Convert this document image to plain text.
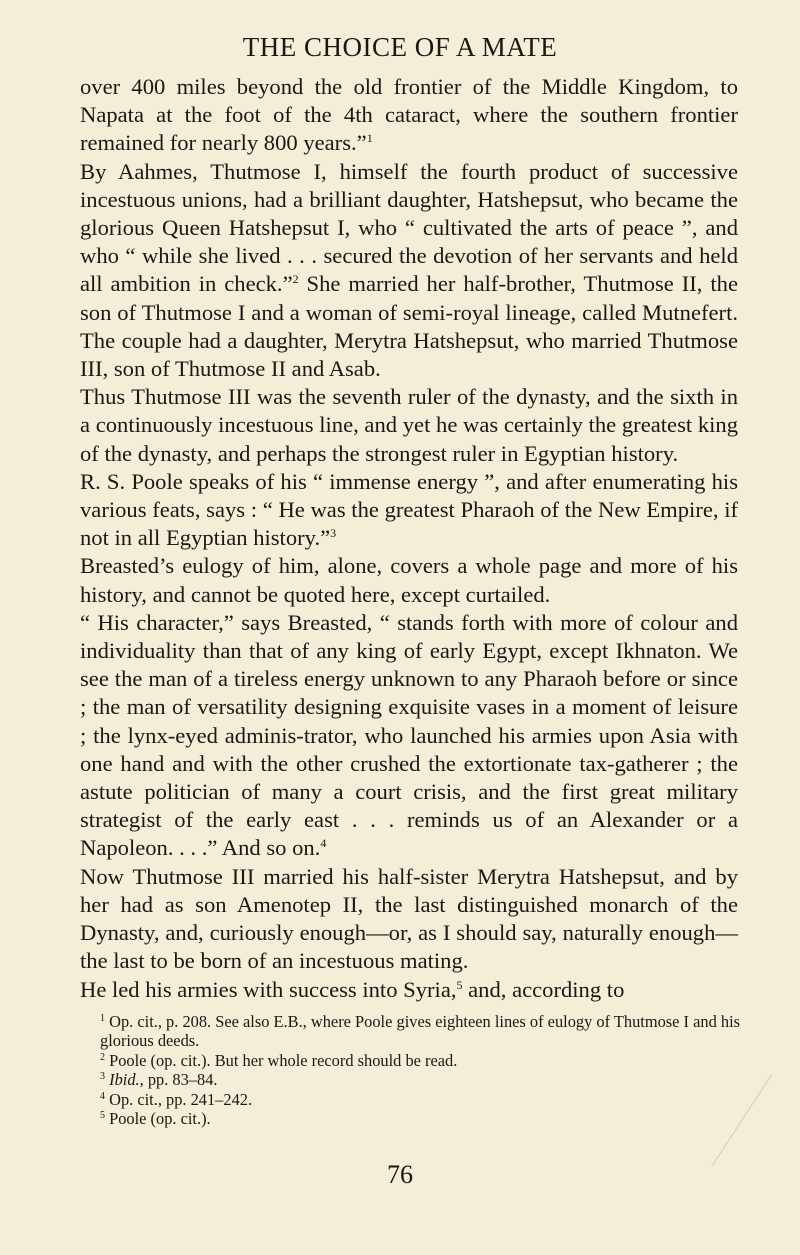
THE CHOICE OF A MATE

over 400 miles beyond the old frontier of the Middle Kingdom, to Napata at the foot of the 4th cataract, where the southern frontier remained for nearly 800 years.”$^1$

By Aahmes, Thutmose I, himself the fourth product of successive incestuous unions, had a brilliant daughter, Hatshepsut, who became the glorious Queen Hatshepsut I, who “ cultivated the arts of peace ”, and who “ while she lived . . . secured the devotion of her servants and held all ambition in check.”$^2$ She married her half-brother, Thutmose II, the son of Thutmose I and a woman of semi-royal lineage, called Mutnefert. The couple had a daughter, Merytra Hatshepsut, who married Thutmose III, son of Thutmose II and Asab.

Thus Thutmose III was the seventh ruler of the dynasty, and the sixth in a continuously incestuous line, and yet he was certainly the greatest king of the dynasty, and perhaps the strongest ruler in Egyptian history.

R. S. Poole speaks of his “ immense energy ”, and after enumerating his various feats, says : “ He was the greatest Pharaoh of the New Empire, if not in all Egyptian history.”$^3$

Breasted’s eulogy of him, alone, covers a whole page and more of his history, and cannot be quoted here, except curtailed.

“ His character,” says Breasted, “ stands forth with more of colour and individuality than that of any king of early Egypt, except Ikhnaton. We see the man of a tireless energy unknown to any Pharaoh before or since ; the man of versatility designing exquisite vases in a moment of leisure ; the lynx-eyed adminis-trator, who launched his armies upon Asia with one hand and with the other crushed the extortionate tax-gatherer ; the astute politician of many a court crisis, and the first great military strategist of the early east . . . reminds us of an Alexander or a Napoleon. . . .” And so on.$^4$

Now Thutmose III married his half-sister Merytra Hatshepsut, and by her had as son Amenotep II, the last distinguished monarch of the Dynasty, and, curiously enough—or, as I should say, naturally enough—the last to be born of an incestuous mating.

He led his armies with success into Syria,$^5$ and, according to

$^1$ Op. cit., p. 208. See also E.B., where Poole gives eighteen lines of eulogy of Thutmose I and his glorious deeds.

$^2$ Poole (op. cit.). But her whole record should be read.

$^3$ Ibid., pp. 83–84.

$^4$ Op. cit., pp. 241–242.

$^5$ Poole (op. cit.).

76
